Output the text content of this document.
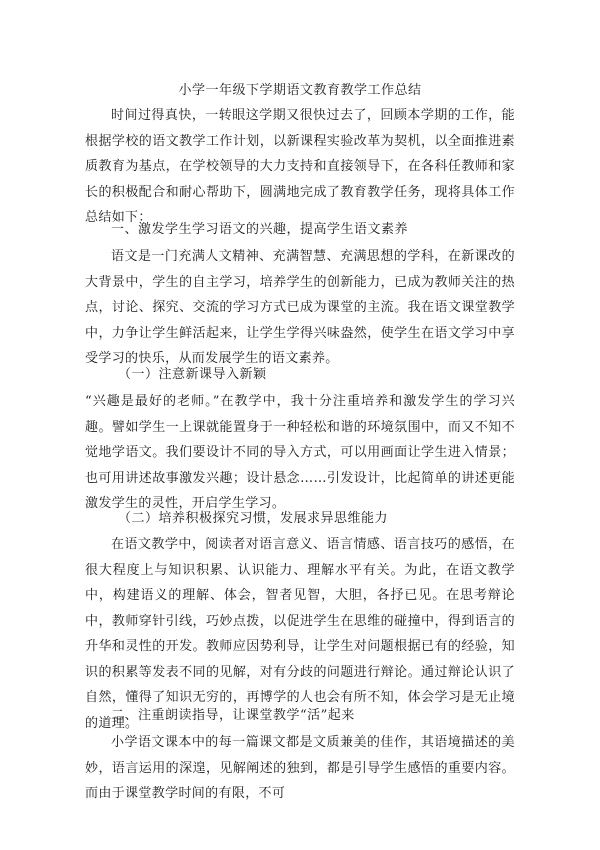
小学一年级下学期语文教育教学工作总结

时间过得真快，一转眼这学期又很快过去了，回顾本学期的工作，能根据学校的语文教学工作计划，以新课程实验改革为契机，以全面推进素质教育为基点，在学校领导的大力支持和直接领导下，在各科任教师和家长的积极配合和耐心帮助下，圆满地完成了教育教学任务，现将具体工作总结如下：

一、激发学生学习语文的兴趣，提高学生语文素养

语文是一门充满人文精神、充满智慧、充满思想的学科，在新课改的大背景中，学生的自主学习，培养学生的创新能力，已成为教师关注的热点，讨论、探究、交流的学习方式已成为课堂的主流。我在语文课堂教学中，力争让学生鲜活起来，让学生学得兴味盎然，使学生在语文学习中享受学习的快乐，从而发展学生的语文素养。

（一）注意新课导入新颖

“兴趣是最好的老师。”在教学中，我十分注重培养和激发学生的学习兴趣。譬如学生一上课就能置身于一种轻松和谐的环境氛围中，而又不知不觉地学语文。我们要设计不同的导入方式，可以用画面让学生进入情景；也可用讲述故事激发兴趣；设计悬念……引发设计，比起简单的讲述更能激发学生的灵性，开启学生学习。

（二）培养积极探究习惯，发展求异思维能力

在语文教学中，阅读者对语言意义、语言情感、语言技巧的感悟，在很大程度上与知识积累、认识能力、理解水平有关。为此，在语文教学中，构建语义的理解、体会，智者见智，大胆，各抒已见。在思考辩论中，教师穿针引线，巧妙点拨，以促进学生在思维的碰撞中，得到语言的升华和灵性的开发。教师应因势利导，让学生对问题根据已有的经验，知识的积累等发表不同的见解，对有分歧的问题进行辩论。通过辩论认识了自然，懂得了知识无穷的，再博学的人也会有所不知，体会学习是无止境的道理。

二、注重朗读指导，让课堂教学“活”起来

小学语文课本中的每一篇课文都是文质兼美的佳作，其语境描述的美妙，语言运用的深遑，见解阐述的独到，都是引导学生感悟的重要内容。而由于课堂教学时间的有限，不可
